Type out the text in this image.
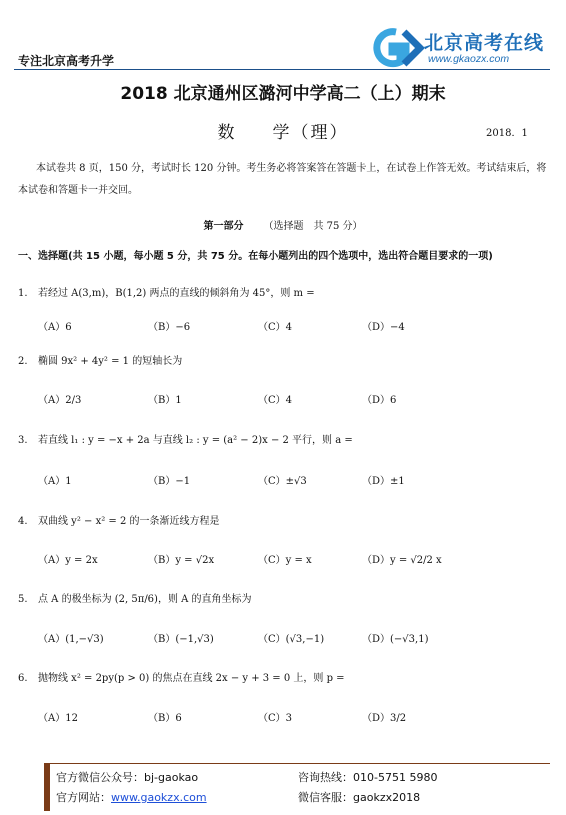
专注北京高考升学
北京高考在线
www.gkaozx.com
2018 北京通州区潞河中学高二（上）期末
数 学（理）	2018．1
本试卷共 8 页，150 分，考试时长 120 分钟。考生务必将答案答在答题卡上，在试卷上作答无效。考试结束后，将本试卷和答题卡一并交回。
第一部分 （选择题　共 75 分）
一、选择题(共 15 小题，每小题 5 分，共 75 分。在每小题列出的四个选项中，选出符合题目要求的一项)
1. 若经过 A(3,m)，B(1,2) 两点的直线的倾斜角为 45°，则 m =
（A）6	（B）−6	（C）4	（D）−4
2. 椭圆 9x² + 4y² = 1 的短轴长为
（A）2/3	（B）1	（C）4	（D）6
3. 若直线 l₁ : y = −x + 2a 与直线 l₂ : y = (a² − 2)x − 2 平行，则 a =
（A）1	（B）−1	（C）±√3	（D）±1
4. 双曲线 y² − x² = 2 的一条渐近线方程是
（A）y = 2x	（B）y = √2x	（C）y = x	（D）y = √2/2 x
5. 点 A 的极坐标为 (2, 5π/6)，则 A 的直角坐标为
（A）(1,−√3)	（B）(−1,√3)	（C）(√3,−1)	（D）(−√3,1)
6. 抛物线 x² = 2py(p > 0) 的焦点在直线 2x − y + 3 = 0 上，则 p =
（A）12	（B）6	（C）3	（D）3/2
官方微信公众号：bj-gaokao
官方网站：www.gaokzx.com
咨询热线：010-5751 5980
微信客服：gaokzx2018
